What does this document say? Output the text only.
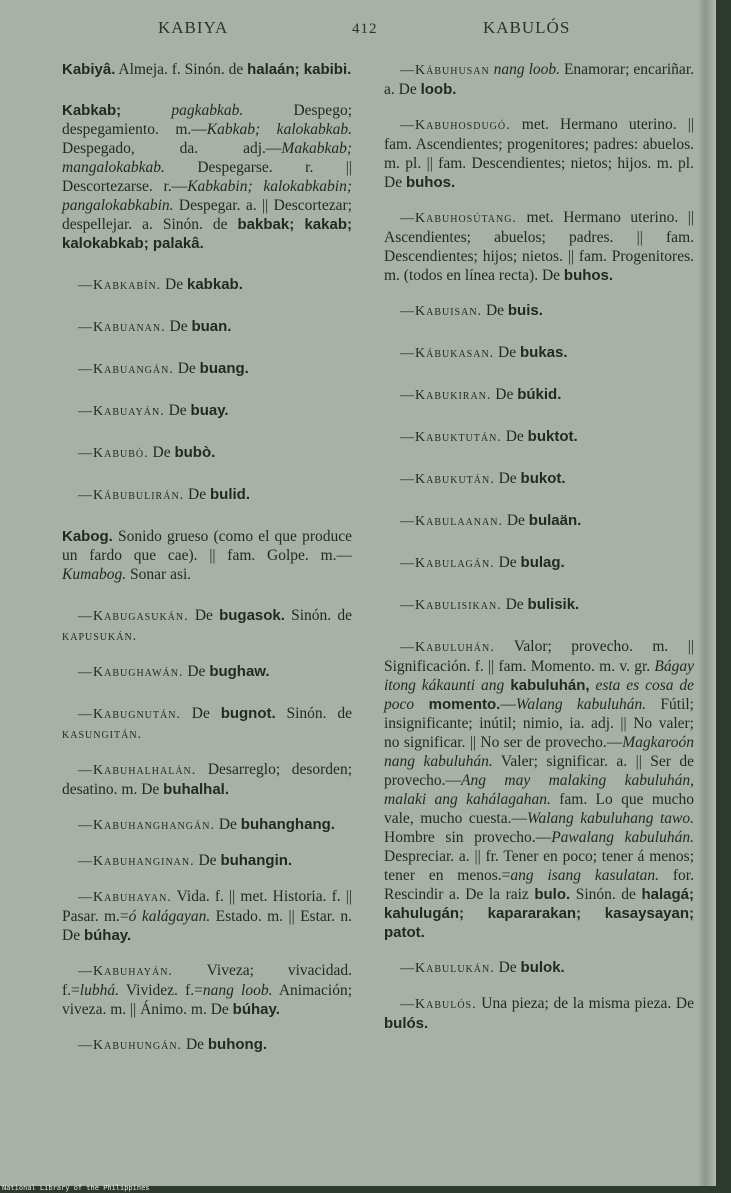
KABIYA	412	KABULÓS

Kabiyâ. Almeja. f. Sinón. de halaán; kabibi.

Kabkab; pagkabkab. Despego; despegamiento. m.—Kabkab; kalokabkab. Despegado, da. adj.—Makabkab; mangalokabkab. Despegarse. r. || Descortezarse. r.—Kabkabin; kalokabkabin; pangalokabkabin. Despegar. a. || Descortezar; despellejar. a. Sinón. de bakbak; kakab; kalokabkab; palakâ.

—Kabkabín. De kabkab.

—Kabuanan. De buan.

—Kabuangán. De buang.

—Kabuayán. De buay.

—Kabubò. De bubò.

—Kábubulirán. De bulid.

Kabog. Sonido grueso (como el que produce un fardo que cae). || fam. Golpe. m.—Kumabog. Sonar asi.

—Kabugasukán. De bugasok. Sinón. de kapusukán.

—Kabughawán. De bughaw.

—Kabugnután. De bugnot. Sinón. de kasungitán.

—Kabuhalhalán. Desarreglo; desorden; desatino. m. De buhalhal.

—Kabuhanghangán. De buhanghang.

—Kabuhanginan. De buhangin.

—Kabuhayan. Vida. f. || met. Historia. f. || Pasar. m.=ó kalágayan. Estado. m. || Estar. n. De búhay.

—Kabuhayán. Viveza; vivacidad. f.=lubhá. Vividez. f.=nang loob. Animación; viveza. m. || Ánimo. m. De búhay.

—Kabuhungán. De buhong.

—Kábuhusan nang loob. Enamorar; encariñar. a. De loob.

—Kabuhosdugó. met. Hermano uterino. || fam. Ascendientes; progenitores; padres: abuelos. m. pl. || fam. Descendientes; nietos; hijos. m. pl. De buhos.

—Kabuhosútang. met. Hermano uterino. || Ascendientes; abuelos; padres. || fam. Descendientes; hijos; nietos. || fam. Progenitores. m. (todos en línea recta). De buhos.

—Kabuisan. De buis.

—Kábukasan. De bukas.

—Kabukiran. De búkid.

—Kabuktután. De buktot.

—Kabukután. De bukot.

—Kabulaanan. De bulaän.

—Kabulagán. De bulag.

—Kabulisikan. De bulisik.

—Kabuluhán. Valor; provecho. m. || Significación. f. || fam. Momento. m. v. gr. Bágay itong kákaunti ang kabuluhán, esta es cosa de poco momento.—Walang kabuluhán. Fútil; insignificante; inútil; nimio, ia. adj. || No valer; no significar. || No ser de provecho.—Magkaroón nang kabuluhán. Valer; significar. a. || Ser de provecho.—Ang may malaking kabuluhán, malaki ang kahálagahan. fam. Lo que mucho vale, mucho cuesta.—Walang kabuluhang tawo. Hombre sin provecho.—Pawalang kabuluhán. Despreciar. a. || fr. Tener en poco; tener á menos; tener en menos.=ang isang kasulatan. for. Rescindir a. De la raiz bulo. Sinón. de halagá; kahulugán; kapararakan; kasaysayan; patot.

—Kabulukán. De bulok.

—Kabulós. Una pieza; de la misma pieza. De bulós.

National Library of the Philippines
